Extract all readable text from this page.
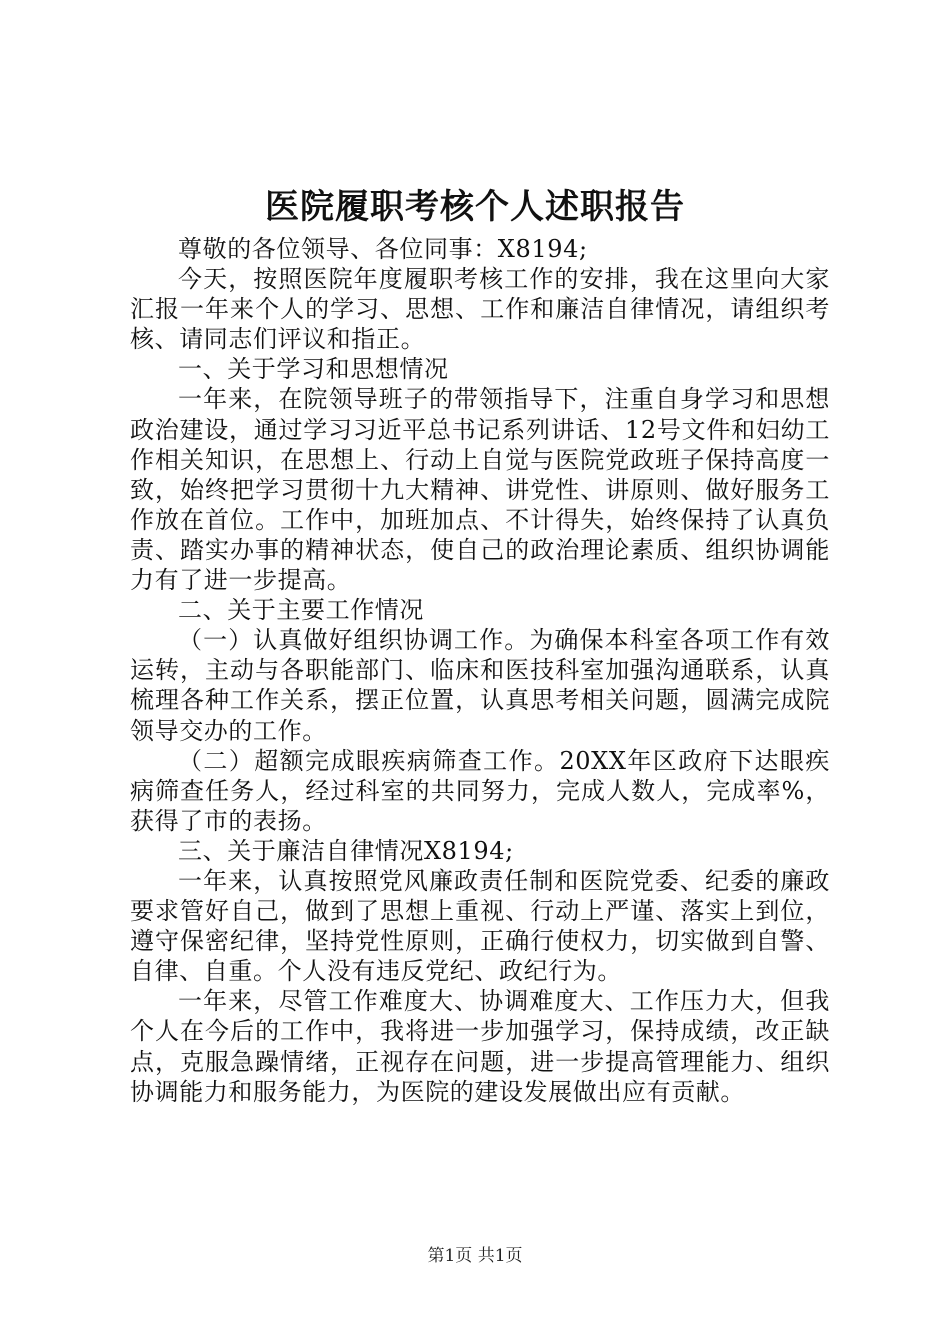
医院履职考核个人述职报告

尊敬的各位领导、各位同事：X8194;

今天，按照医院年度履职考核工作的安排，我在这里向大家汇报一年来个人的学习、思想、工作和廉洁自律情况，请组织考核、请同志们评议和指正。

一、关于学习和思想情况

一年来，在院领导班子的带领指导下，注重自身学习和思想政治建设，通过学习习近平总书记系列讲话、12号文件和妇幼工作相关知识，在思想上、行动上自觉与医院党政班子保持高度一致，始终把学习贯彻十九大精神、讲党性、讲原则、做好服务工作放在首位。工作中，加班加点、不计得失，始终保持了认真负责、踏实办事的精神状态，使自己的政治理论素质、组织协调能力有了进一步提高。

二、关于主要工作情况

（一）认真做好组织协调工作。为确保本科室各项工作有效运转，主动与各职能部门、临床和医技科室加强沟通联系，认真梳理各种工作关系，摆正位置，认真思考相关问题，圆满完成院领导交办的工作。

（二）超额完成眼疾病筛查工作。20XX年区政府下达眼疾病筛查任务人，经过科室的共同努力，完成人数人，完成率%，获得了市的表扬。

三、关于廉洁自律情况X8194;

一年来，认真按照党风廉政责任制和医院党委、纪委的廉政要求管好自己，做到了思想上重视、行动上严谨、落实上到位，遵守保密纪律，坚持党性原则，正确行使权力，切实做到自警、自律、自重。个人没有违反党纪、政纪行为。

一年来，尽管工作难度大、协调难度大、工作压力大，但我个人在今后的工作中，我将进一步加强学习，保持成绩，改正缺点，克服急躁情绪，正视存在问题，进一步提高管理能力、组织协调能力和服务能力，为医院的建设发展做出应有贡献。

第1页 共1页
